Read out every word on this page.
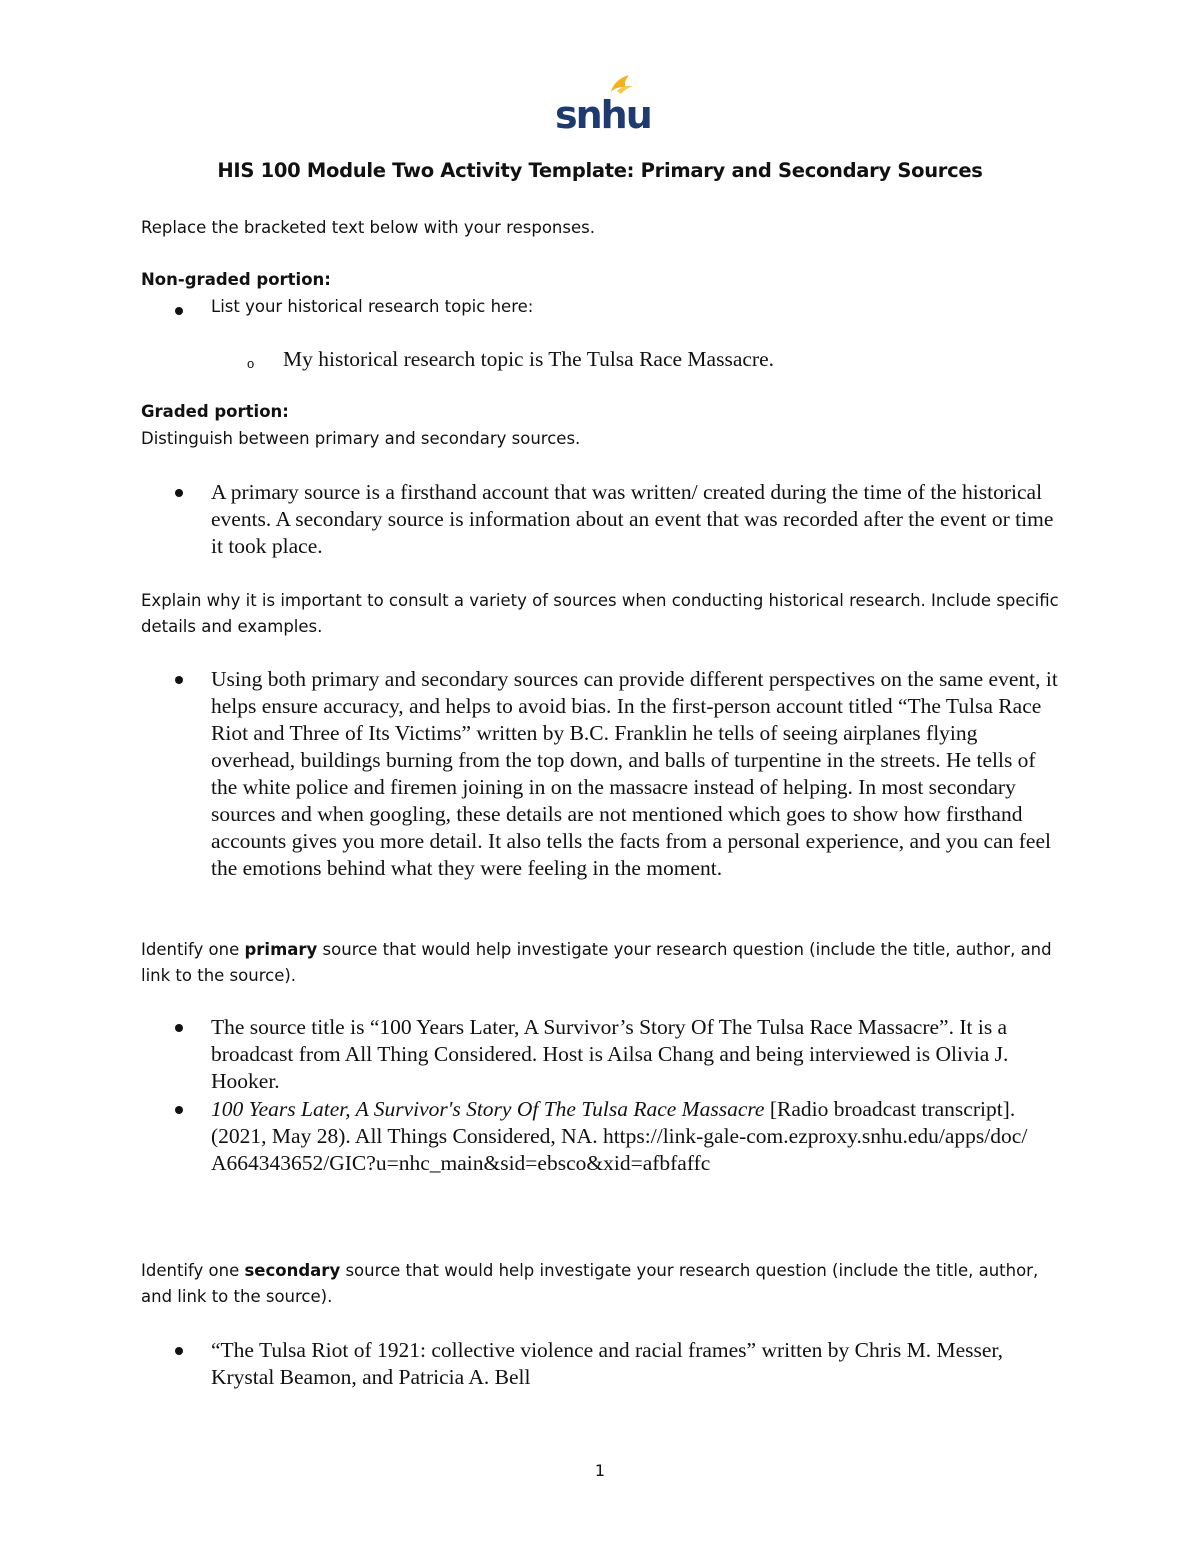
snhu

HIS 100 Module Two Activity Template: Primary and Secondary Sources

Replace the bracketed text below with your responses.

Non-graded portion:

List your historical research topic here:
o My historical research topic is The Tulsa Race Massacre.

Graded portion:

Distinguish between primary and secondary sources.

A primary source is a firsthand account that was written/ created during the time of the historical events. A secondary source is information about an event that was recorded after the event or time it took place.

Explain why it is important to consult a variety of sources when conducting historical research. Include specific details and examples.

Using both primary and secondary sources can provide different perspectives on the same event, it helps ensure accuracy, and helps to avoid bias. In the first-person account titled “The Tulsa Race Riot and Three of Its Victims” written by B.C. Franklin he tells of seeing airplanes flying overhead, buildings burning from the top down, and balls of turpentine in the streets. He tells of the white police and firemen joining in on the massacre instead of helping. In most secondary sources and when googling, these details are not mentioned which goes to show how firsthand accounts gives you more detail. It also tells the facts from a personal experience, and you can feel the emotions behind what they were feeling in the moment.

Identify one primary source that would help investigate your research question (include the title, author, and link to the source).

The source title is “100 Years Later, A Survivor’s Story Of The Tulsa Race Massacre”. It is a broadcast from All Thing Considered. Host is Ailsa Chang and being interviewed is Olivia J. Hooker.
100 Years Later, A Survivor's Story Of The Tulsa Race Massacre [Radio broadcast transcript]. (2021, May 28). All Things Considered, NA. https://link-gale-com.ezproxy.snhu.edu/apps/doc/A664343652/GIC?u=nhc_main&sid=ebsco&xid=afbfaffc

Identify one secondary source that would help investigate your research question (include the title, author, and link to the source).

“The Tulsa Riot of 1921: collective violence and racial frames” written by Chris M. Messer, Krystal Beamon, and Patricia A. Bell

1
